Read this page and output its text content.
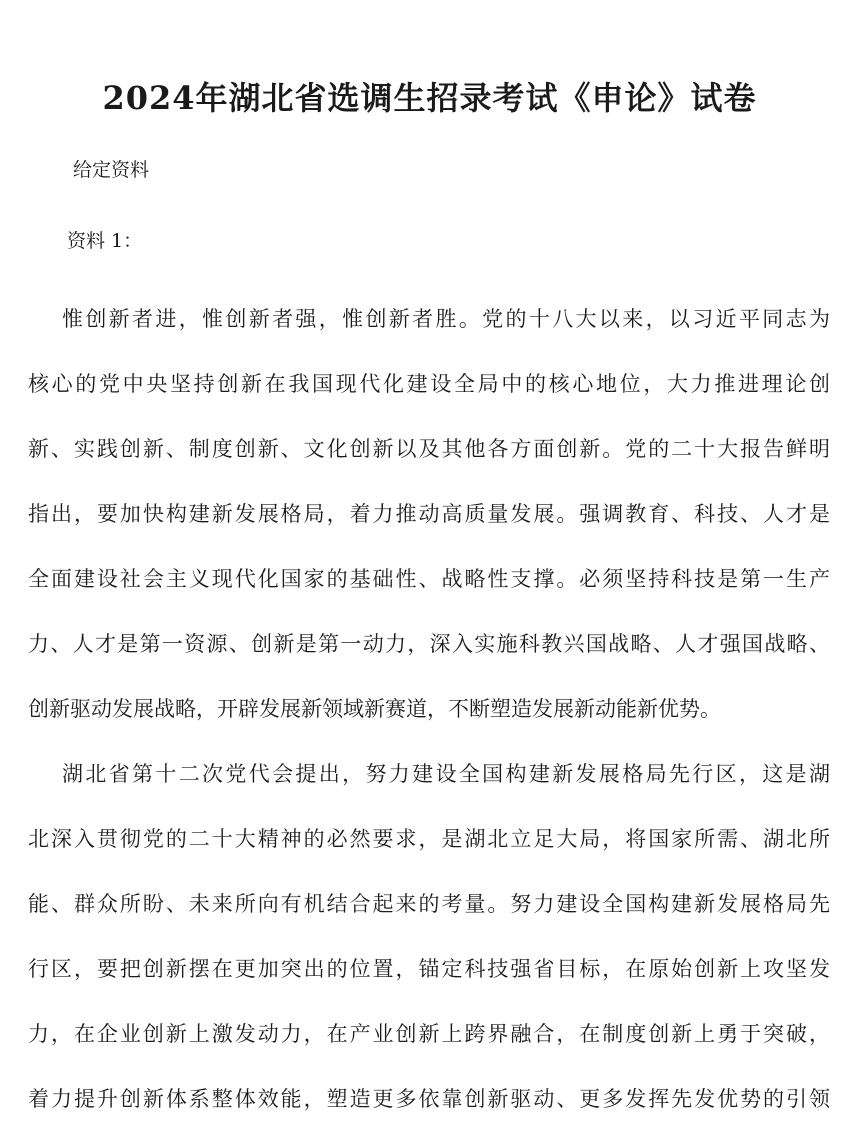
2024年湖北省选调生招录考试《申论》试卷

给定资料

资料 1：

惟创新者进，惟创新者强，惟创新者胜。党的十八大以来，以习近平同志为
核心的党中央坚持创新在我国现代化建设全局中的核心地位，大力推进理论创
新、实践创新、制度创新、文化创新以及其他各方面创新。党的二十大报告鲜明
指出，要加快构建新发展格局，着力推动高质量发展。强调教育、科技、人才是
全面建设社会主义现代化国家的基础性、战略性支撑。必须坚持科技是第一生产
力、人才是第一资源、创新是第一动力，深入实施科教兴国战略、人才强国战略、
创新驱动发展战略，开辟发展新领域新赛道，不断塑造发展新动能新优势。
湖北省第十二次党代会提出，努力建设全国构建新发展格局先行区，这是湖
北深入贯彻党的二十大精神的必然要求，是湖北立足大局，将国家所需、湖北所
能、群众所盼、未来所向有机结合起来的考量。努力建设全国构建新发展格局先
行区，要把创新摆在更加突出的位置，锚定科技强省目标，在原始创新上攻坚发
力，在企业创新上激发动力，在产业创新上跨界融合，在制度创新上勇于突破，
着力提升创新体系整体效能，塑造更多依靠创新驱动、更多发挥先发优势的引领
